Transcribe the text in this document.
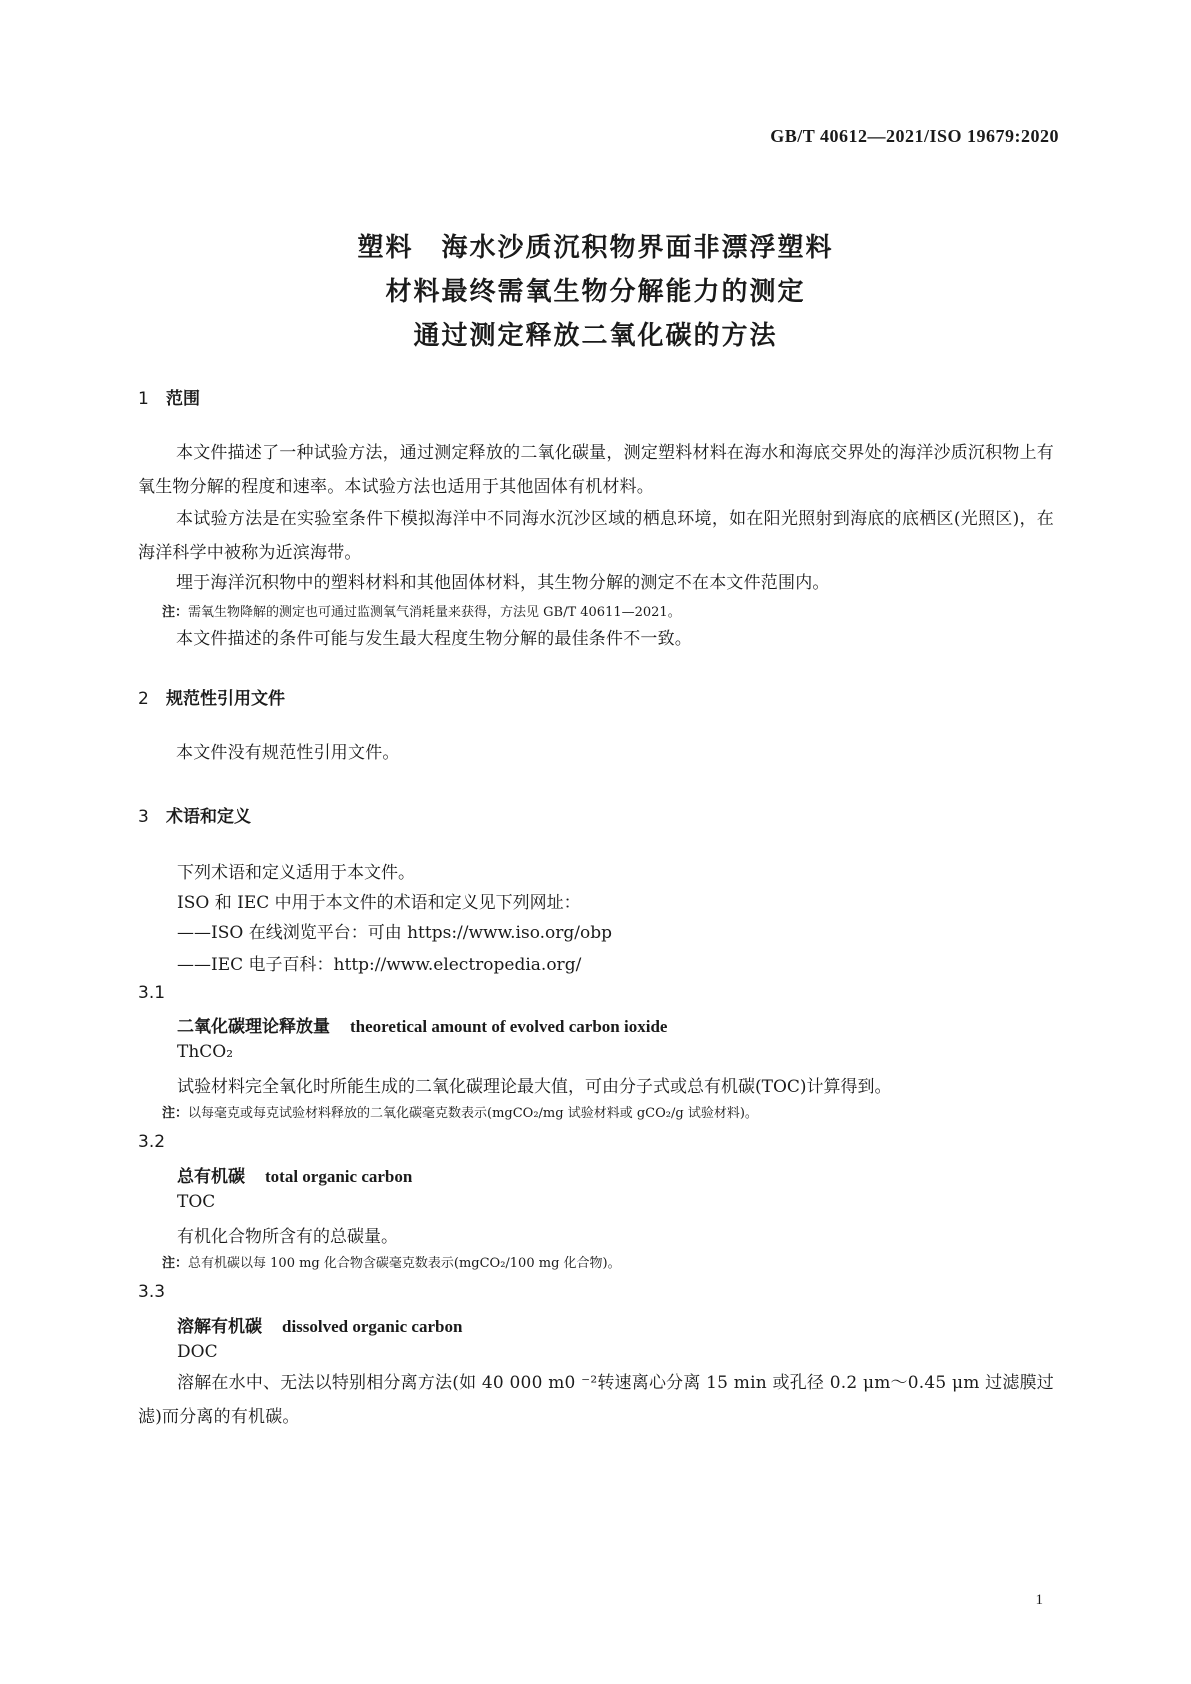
GB/T 40612—2021/ISO 19679:2020
塑料　海水沙质沉积物界面非漂浮塑料
材料最终需氧生物分解能力的测定
通过测定释放二氧化碳的方法
1 范围
本文件描述了一种试验方法，通过测定释放的二氧化碳量，测定塑料材料在海水和海底交界处的海洋沙质沉积物上有氧生物分解的程度和速率。本试验方法也适用于其他固体有机材料。
本试验方法是在实验室条件下模拟海洋中不同海水沉沙区域的栖息环境，如在阳光照射到海底的底栖区(光照区)，在海洋科学中被称为近滨海带。
埋于海洋沉积物中的塑料材料和其他固体材料，其生物分解的测定不在本文件范围内。
注：需氧生物降解的测定也可通过监测氧气消耗量来获得，方法见 GB/T 40611—2021。
本文件描述的条件可能与发生最大程度生物分解的最佳条件不一致。
2 规范性引用文件
本文件没有规范性引用文件。
3 术语和定义
下列术语和定义适用于本文件。
ISO 和 IEC 中用于本文件的术语和定义见下列网址：
——ISO 在线浏览平台：可由 https://www.iso.org/obp
——IEC 电子百科：http://www.electropedia.org/
3.1
二氧化碳理论释放量 theoretical amount of evolved carbon ioxide
ThCO₂
试验材料完全氧化时所能生成的二氧化碳理论最大值，可由分子式或总有机碳(TOC)计算得到。
注：以每毫克或每克试验材料释放的二氧化碳毫克数表示(mgCO₂/mg 试验材料或 gCO₂/g 试验材料)。
3.2
总有机碳 total organic carbon
TOC
有机化合物所含有的总碳量。
注：总有机碳以每 100 mg 化合物含碳毫克数表示(mgCO₂/100 mg 化合物)。
3.3
溶解有机碳 dissolved organic carbon
DOC
溶解在水中、无法以特别相分离方法(如 40 000 m0 ⁻²转速离心分离 15 min 或孔径 0.2 μm～0.45 μm 过滤膜过滤)而分离的有机碳。
1
